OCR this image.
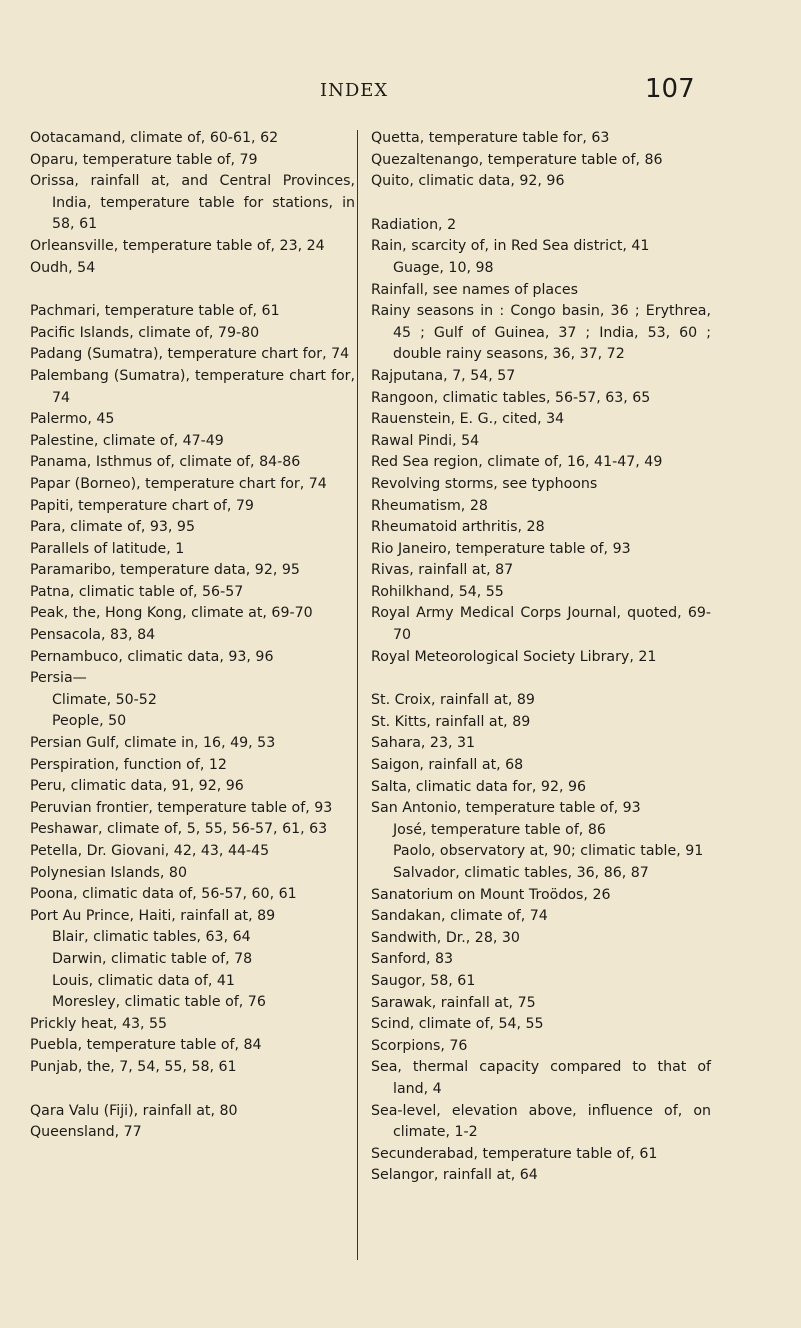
INDEX	107
Ootacamand, climate of, 60-61, 62
Oparu, temperature table of, 79
Orissa, rainfall at, and Central Provinces, India, temperature table for stations, in 58, 61
Orleansville, temperature table of, 23, 24
Oudh, 54
Pachmari, temperature table of, 61
Pacific Islands, climate of, 79-80
Padang (Sumatra), temperature chart for, 74
Palembang (Sumatra), temperature chart for, 74
Palermo, 45
Palestine, climate of, 47-49
Panama, Isthmus of, climate of, 84-86
Papar (Borneo), temperature chart for, 74
Papiti, temperature chart of, 79
Para, climate of, 93, 95
Parallels of latitude, 1
Paramaribo, temperature data, 92, 95
Patna, climatic table of, 56-57
Peak, the, Hong Kong, climate at, 69-70
Pensacola, 83, 84
Pernambuco, climatic data, 93, 96
Persia—
Climate, 50-52
People, 50
Persian Gulf, climate in, 16, 49, 53
Perspiration, function of, 12
Peru, climatic data, 91, 92, 96
Peruvian frontier, temperature table of, 93
Peshawar, climate of, 5, 55, 56-57, 61, 63
Petella, Dr. Giovani, 42, 43, 44-45
Polynesian Islands, 80
Poona, climatic data of, 56-57, 60, 61
Port Au Prince, Haiti, rainfall at, 89
Blair, climatic tables, 63, 64
Darwin, climatic table of, 78
Louis, climatic data of, 41
Moresley, climatic table of, 76
Prickly heat, 43, 55
Puebla, temperature table of, 84
Punjab, the, 7, 54, 55, 58, 61
Qara Valu (Fiji), rainfall at, 80
Queensland, 77
Quetta, temperature table for, 63
Quezaltenango, temperature table of, 86
Quito, climatic data, 92, 96
Radiation, 2
Rain, scarcity of, in Red Sea district, 41
Guage, 10, 98
Rainfall, see names of places
Rainy seasons in : Congo basin, 36 ; Erythrea, 45 ; Gulf of Guinea, 37 ; India, 53, 60 ; double rainy seasons, 36, 37, 72
Rajputana, 7, 54, 57
Rangoon, climatic tables, 56-57, 63, 65
Rauenstein, E. G., cited, 34
Rawal Pindi, 54
Red Sea region, climate of, 16, 41-47, 49
Revolving storms, see typhoons
Rheumatism, 28
Rheumatoid arthritis, 28
Rio Janeiro, temperature table of, 93
Rivas, rainfall at, 87
Rohilkhand, 54, 55
Royal Army Medical Corps Journal, quoted, 69-70
Royal Meteorological Society Library, 21
St. Croix, rainfall at, 89
St. Kitts, rainfall at, 89
Sahara, 23, 31
Saigon, rainfall at, 68
Salta, climatic data for, 92, 96
San Antonio, temperature table of, 93
José, temperature table of, 86
Paolo, observatory at, 90; climatic table, 91
Salvador, climatic tables, 36, 86, 87
Sanatorium on Mount Troödos, 26
Sandakan, climate of, 74
Sandwith, Dr., 28, 30
Sanford, 83
Saugor, 58, 61
Sarawak, rainfall at, 75
Scind, climate of, 54, 55
Scorpions, 76
Sea, thermal capacity compared to that of land, 4
Sea-level, elevation above, influence of, on climate, 1-2
Secunderabad, temperature table of, 61
Selangor, rainfall at, 64
